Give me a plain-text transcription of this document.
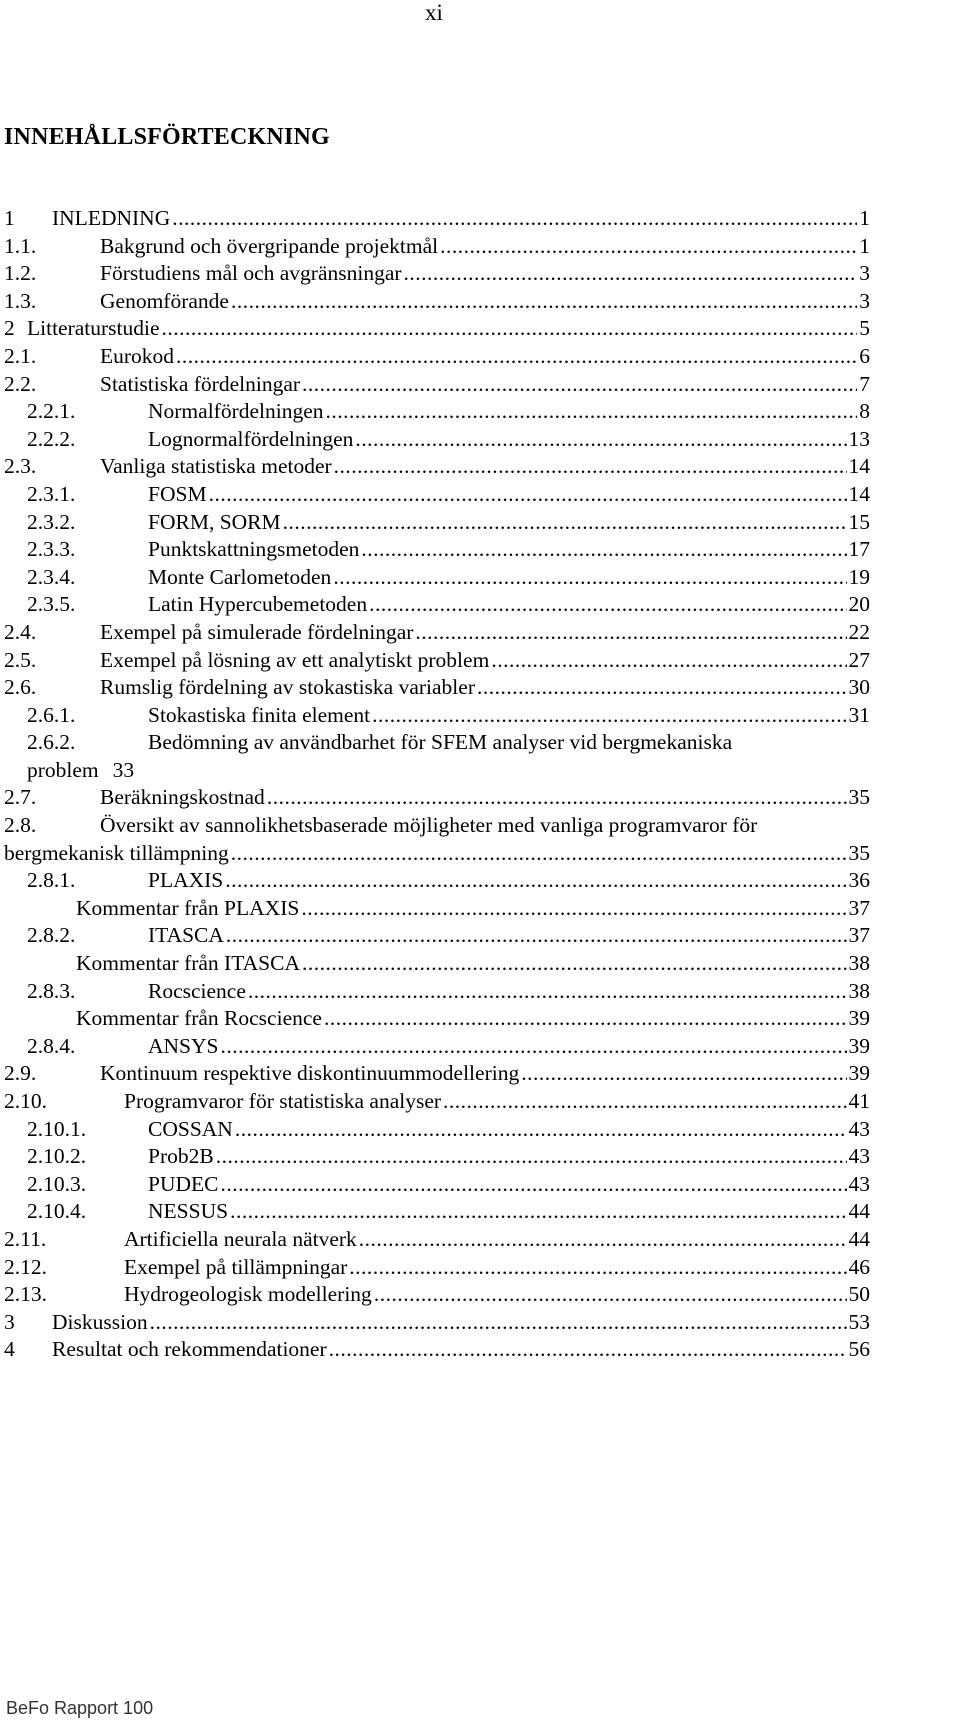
xi
INNEHÅLLSFÖRTECKNING
1 INLEDNING .....	1
1.1.	Bakgrund och övergripande projektmål .....	1
1.2.	Förstudiens mål och avgränsningar .....	3
1.3.	Genomförande .....	3
2 Litteraturstudie .....	5
2.1.	Eurokod .....	6
2.2.	Statistiska fördelningar .....	7
2.2.1.	Normalfördelningen .....	8
2.2.2.	Lognormalfördelningen .....	13
2.3.	Vanliga statistiska metoder .....	14
2.3.1.	FOSM .....	14
2.3.2.	FORM, SORM .....	15
2.3.3.	Punktskattningsmetoden .....	17
2.3.4.	Monte Carlometoden .....	19
2.3.5.	Latin Hypercubemetoden .....	20
2.4.	Exempel på simulerade fördelningar .....	22
2.5.	Exempel på lösning av ett analytiskt problem .....	27
2.6.	Rumslig fördelning av stokastiska variabler .....	30
2.6.1.	Stokastiska finita element .....	31
2.6.2.	Bedömning av användbarhet för SFEM analyser vid bergmekaniska
problem 33
2.7.	Beräkningskostnad .....	35
2.8.	Översikt av sannolikhetsbaserade möjligheter med vanliga programvaror för
bergmekanisk tillämpning .....	35
2.8.1.	PLAXIS .....	36
Kommentar från PLAXIS .....	37
2.8.2.	ITASCA .....	37
Kommentar från ITASCA .....	38
2.8.3.	Rocscience .....	38
Kommentar från Rocscience .....	39
2.8.4.	ANSYS .....	39
2.9.	Kontinuum respektive diskontinuummodellering .....	39
2.10.	Programvaror för statistiska analyser .....	41
2.10.1.	COSSAN .....	43
2.10.2.	Prob2B .....	43
2.10.3.	PUDEC .....	43
2.10.4.	NESSUS .....	44
2.11.	Artificiella neurala nätverk .....	44
2.12.	Exempel på tillämpningar .....	46
2.13.	Hydrogeologisk modellering .....	50
3 Diskussion .....	53
4 Resultat och rekommendationer .....	56
BeFo Rapport 100
